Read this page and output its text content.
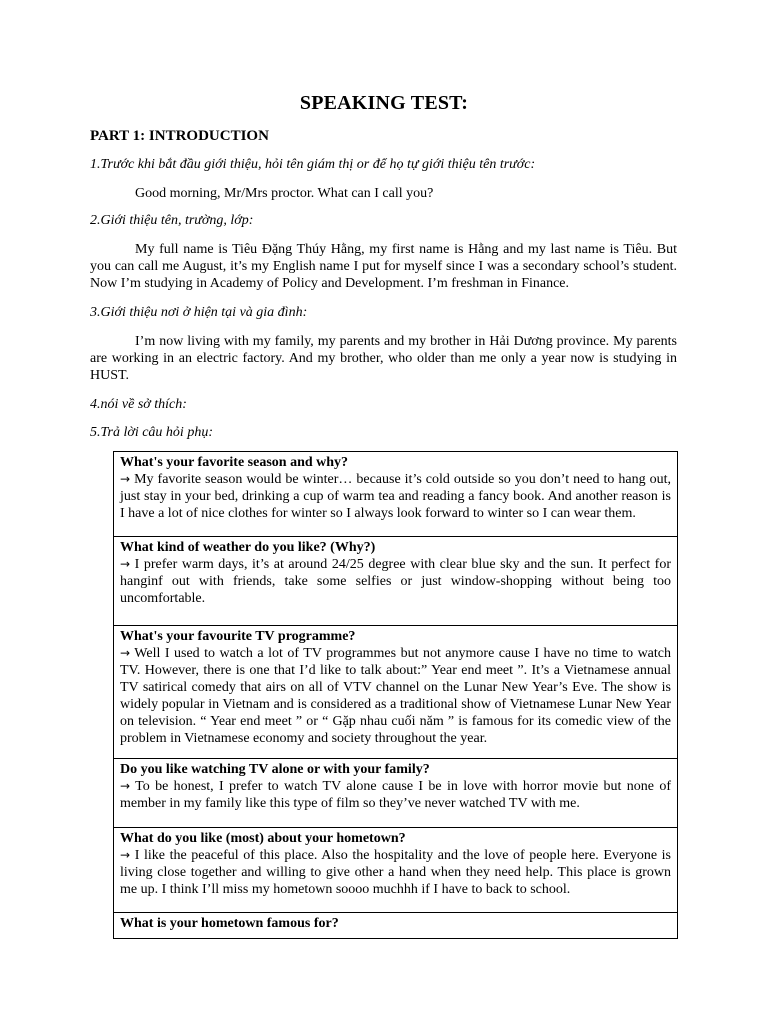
SPEAKING TEST:
PART 1: INTRODUCTION

1.Trước khi bắt đầu giới thiệu, hỏi tên giám thị or để họ tự giới thiệu tên trước:

Good morning, Mr/Mrs proctor. What can I call you?

2.Giới thiệu tên, trường, lớp:

My full name is Tiêu Đặng Thúy Hằng, my first name is Hằng and my last name is Tiêu. But you can call me August, it’s my English name I put for myself since I was a secondary school’s student. Now I’m studying in Academy of Policy and Development. I’m freshman in Finance.

3.Giới thiệu nơi ở hiện tại và gia đình:

I’m now living with my family, my parents and my brother in Hải Dương province. My parents are working in an electric factory. And my brother, who older than me only a year now is studying in HUST.

4.nói về sở thích:

5.Trả lời câu hỏi phụ:

What's your favorite season and why?
→ My favorite season would be winter… because it’s cold outside so you don’t need to hang out, just stay in your bed, drinking a cup of warm tea and reading a fancy book. And another reason is I have a lot of nice clothes for winter so I always look forward to winter so I can wear them.

What kind of weather do you like? (Why?)
→ I prefer warm days, it’s at around 24/25 degree with clear blue sky and the sun. It perfect for hanginf out with friends, take some selfies or just window-shopping without being too uncomfortable.

What's your favourite TV programme?
→ Well I used to watch a lot of TV programmes but not anymore cause I have no time to watch TV. However, there is one that I’d like to talk about:” Year end meet ”. It’s a Vietnamese annual TV satirical comedy that airs on all of VTV channel on the Lunar New Year’s Eve. The show is widely popular in Vietnam and is considered as a traditional show of Vietnamese Lunar New Year on television. “ Year end meet ” or “ Gặp nhau cuối năm ” is famous for its comedic view of the problem in Vietnamese economy and society throughout the year.

Do you like watching TV alone or with your family?
→ To be honest, I prefer to watch TV alone cause I be in love with horror movie but none of member in my family like this type of film so they’ve never watched TV with me.

What do you like (most) about your hometown?
→ I like the peaceful of this place. Also the hospitality and the love of people here. Everyone is living close together and willing to give other a hand when they need help. This place is grown me up. I think I’ll miss my hometown soooo muchhh if I have to back to school.

What is your hometown famous for?
